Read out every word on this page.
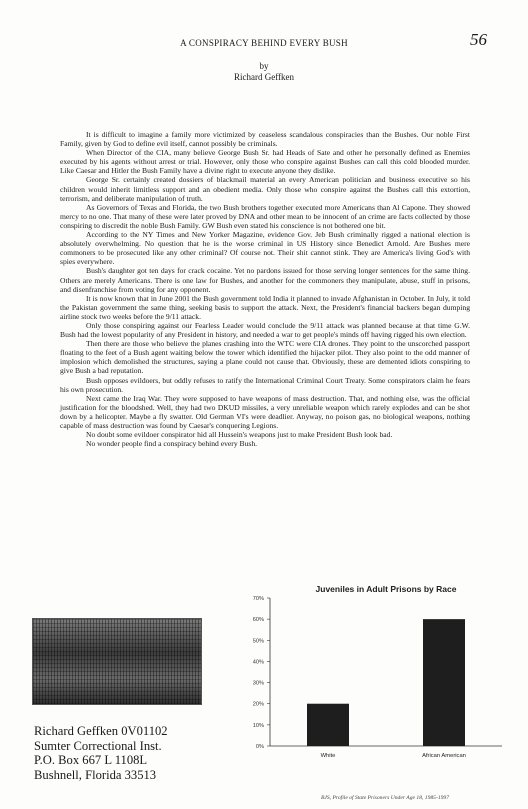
56
A CONSPIRACY BEHIND EVERY BUSH
by
Richard Geffken

It is difficult to imagine a family more victimized by ceaseless scandalous conspiracies than the Bushes. Our noble First Family, given by God to define evil itself, cannot possibly be criminals.

When Director of the CIA, many believe George Bush Sr. had Heads of Sate and other he personally defined as Enemies executed by his agents without arrest or trial. However, only those who conspire against Bushes can call this cold blooded murder. Like Caesar and Hitler the Bush Family have a divine right to execute anyone they dislike.

George Sr. certainly created dossiers of blackmail material an every American politician and business executive so his children would inherit limitless support and an obedient media. Only those who conspire against the Bushes call this extortion, terrorism, and deliberate manipulation of truth.

As Governors of Texas and Florida, the two Bush brothers together executed more Americans than Al Capone. They showed mercy to no one. That many of these were later proved by DNA and other mean to be innocent of an crime are facts collected by those conspiring to discredit the noble Bush Family. GW Bush even stated his conscience is not bothered one bit.

According to the NY Times and New Yorker Magazine, evidence Gov. Jeb Bush criminally rigged a national election is absolutely overwhelming. No question that he is the worse criminal in US History since Benedict Arnold. Are Bushes mere commoners to be prosecuted like any other criminal? Of course not. Their shit cannot stink. They are America's living God's with spies everywhere.

Bush's daughter got ten days for crack cocaine. Yet no pardons issued for those serving longer sentences for the same thing. Others are merely Americans. There is one law for Bushes, and another for the commoners they manipulate, abuse, stuff in prisons, and disenfranchise from voting for any opponent.

It is now known that in June 2001 the Bush government told India it planned to invade Afghanistan in October. In July, it told the Pakistan government the same thing, seeking basis to support the attack. Next, the President's financial backers began dumping airline stock two weeks before the 9/11 attack.

Only those conspiring against our Fearless Leader would conclude the 9/11 attack was planned because at that time G.W. Bush had the lowest popularity of any President in history, and needed a war to get people's minds off having rigged his own election.

Then there are those who believe the planes crashing into the WTC were CIA drones. They point to the unscorched passport floating to the feet of a Bush agent waiting below the tower which identified the hijacker pilot. They also point to the odd manner of implosion which demolished the structures, saying a plane could not cause that. Obviously, these are demented idiots conspiring to give Bush a bad reputation.

Bush opposes evildoers, but oddly refuses to ratify the International Criminal Court Treaty. Some conspirators claim he fears his own prosecution.

Next came the Iraq War. They were supposed to have weapons of mass destruction. That, and nothing else, was the official justification for the bloodshed. Well, they had two DKUD missiles, a very unreliable weapon which rarely explodes and can be shot down by a helicopter. Maybe a fly swatter. Old German VI's were deadlier. Anyway, no poison gas, no biological weapons, nothing capable of mass destruction was found by Caesar's conquering Legions.

No doubt some evildoer conspirator hid all Hussein's weapons just to make President Bush look bad.

No wonder people find a conspiracy behind every Bush.

Richard Geffken 0V01102
Sumter Correctional Inst.
P.O. Box 667 L 1108L
Bushnell, Florida 33513
Juveniles in Adult Prisons by Race
0%
10%
20%
30%
40%
50%
60%
70%
White	African American
BJS, Profile of State Prisoners Under Age 18, 1985-1997
